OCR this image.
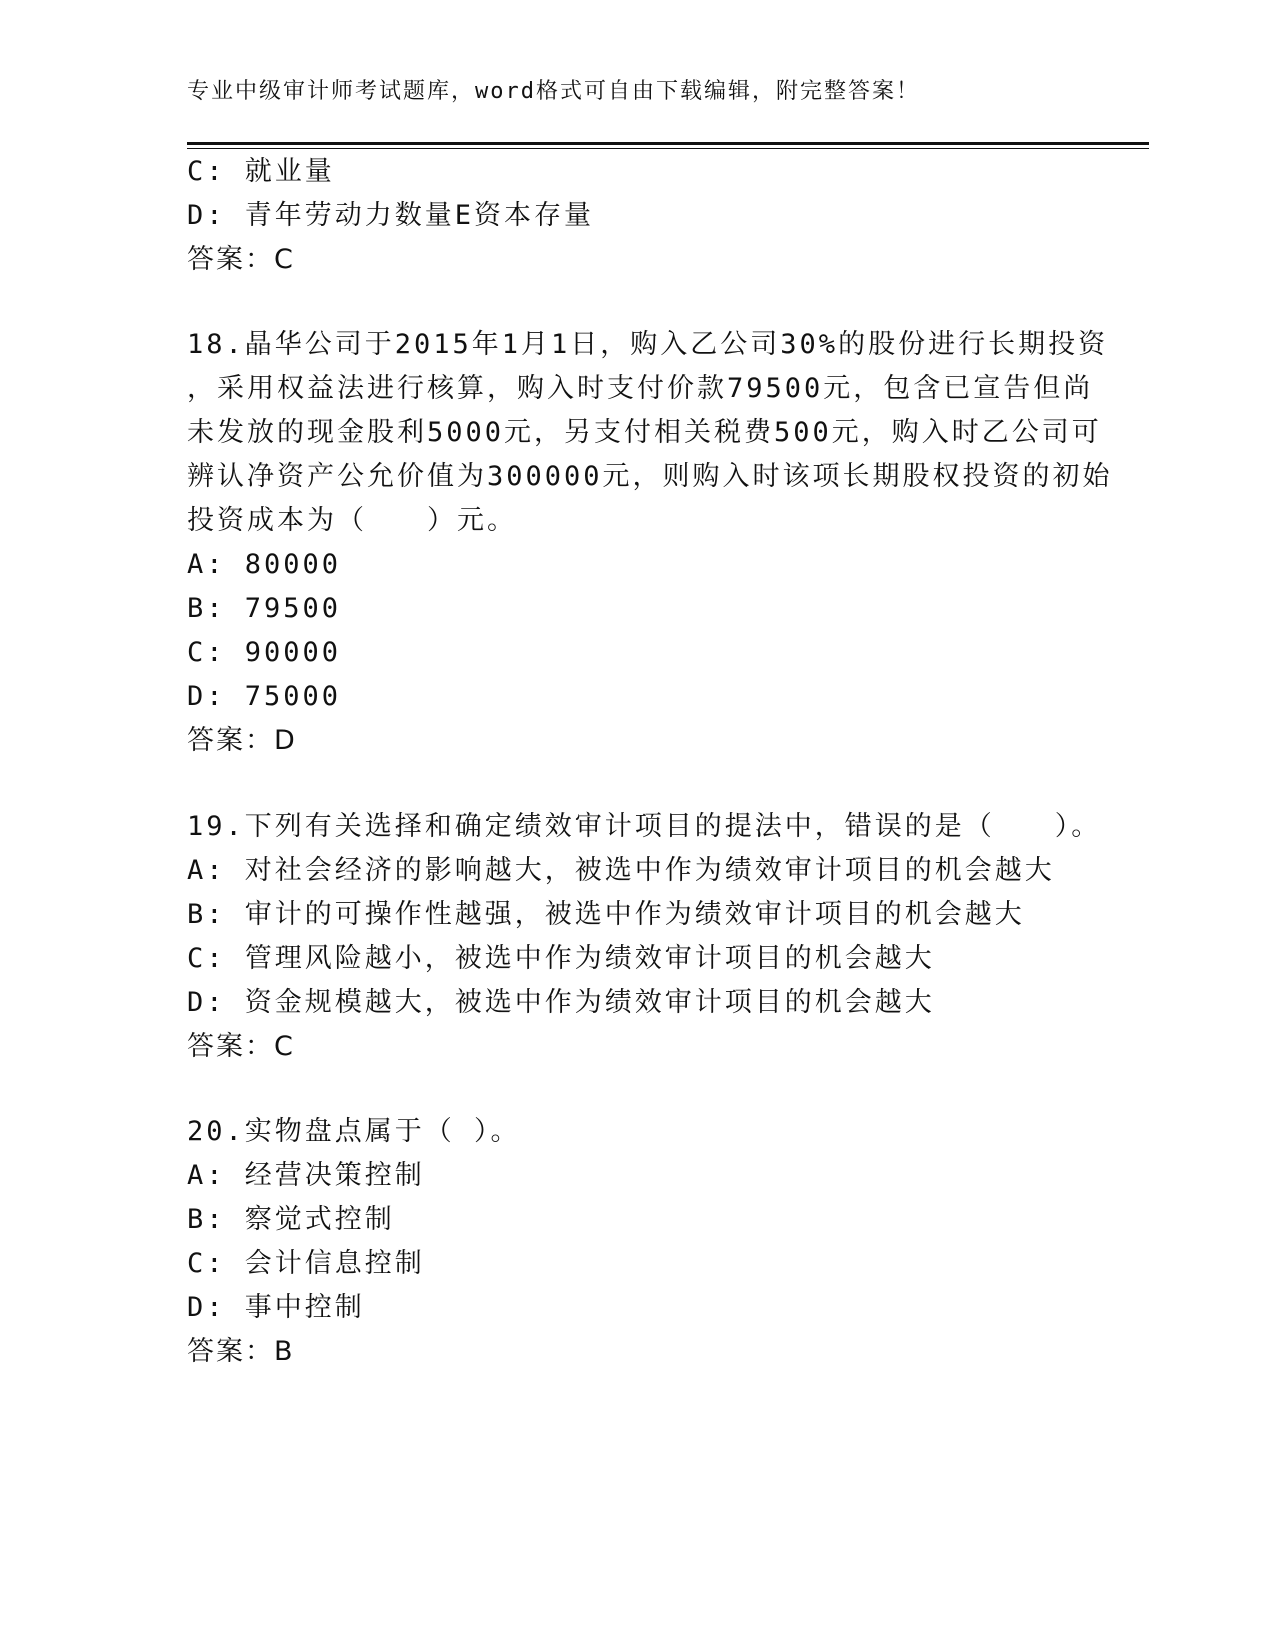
专业中级审计师考试题库，word格式可自由下载编辑，附完整答案！
C: 就业量
D: 青年劳动力数量E资本存量
答案：C
18.晶华公司于2015年1月1日，购入乙公司30%的股份进行长期投资
，采用权益法进行核算，购入时支付价款79500元，包含已宣告但尚
未发放的现金股利5000元，另支付相关税费500元，购入时乙公司可
辨认净资产公允价值为300000元，则购入时该项长期股权投资的初始
投资成本为（　　）元。
A: 80000
B: 79500
C: 90000
D: 75000
答案：D
19.下列有关选择和确定绩效审计项目的提法中，错误的是（　　）。
A: 对社会经济的影响越大，被选中作为绩效审计项目的机会越大
B: 审计的可操作性越强，被选中作为绩效审计项目的机会越大
C: 管理风险越小，被选中作为绩效审计项目的机会越大
D: 资金规模越大，被选中作为绩效审计项目的机会越大
答案：C
20.实物盘点属于（ ）。
A: 经营决策控制
B: 察觉式控制
C: 会计信息控制
D: 事中控制
答案：B
